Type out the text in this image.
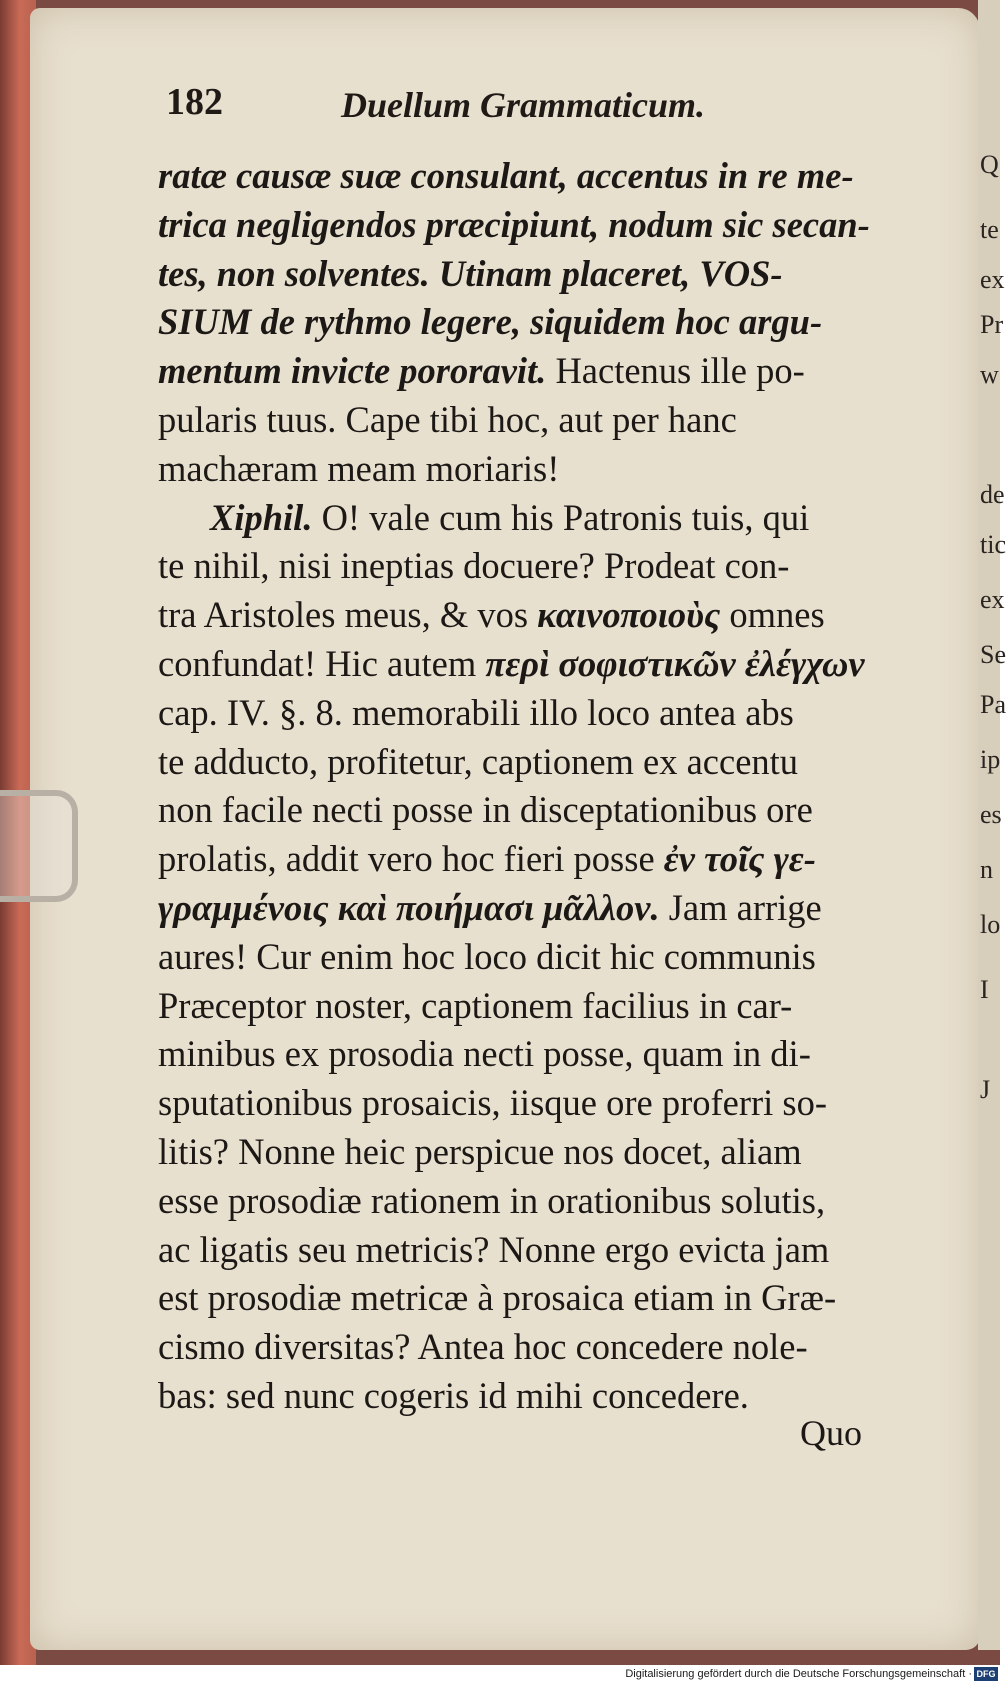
Q
te
ex
Pr
w
de
tic
ex
Se
Pa
ip
es
n
lo
I
J
182	Duellum Grammaticum.
ratæ causæ suæ consulant, accentus in re me-
trica negligendos præcipiunt, nodum sic secan-
tes, non solventes. Utinam placeret, VOS-
SIUM de rythmo legere, siquidem hoc argu-
mentum invicte pororavit. Hactenus ille po-
pularis tuus. Cape tibi hoc, aut per hanc
machæram meam moriaris!
Xiphil. O! vale cum his Patronis tuis, qui
te nihil, nisi ineptias docuere? Prodeat con-
tra Aristoles meus, & vos καινοποιοὺς omnes
confundat! Hic autem περὶ σοφιστικῶν ἐλέγχων
cap. IV. §. 8. memorabili illo loco antea abs
te adducto, profitetur, captionem ex accentu
non facile necti posse in disceptationibus ore
prolatis, addit vero hoc fieri posse ἐν τοῖς γε-
γραμμένοις καὶ ποιήμασι μᾶλλον. Jam arrige
aures! Cur enim hoc loco dicit hic communis
Præceptor noster, captionem facilius in car-
minibus ex prosodia necti posse, quam in di-
sputationibus prosaicis, iisque ore proferri so-
litis? Nonne heic perspicue nos docet, aliam
esse prosodiæ rationem in orationibus solutis,
ac ligatis seu metricis? Nonne ergo evicta jam
est prosodiæ metricæ à prosaica etiam in Græ-
cismo diversitas? Antea hoc concedere nole-
bas: sed nunc cogeris id mihi concedere.
Quo
Digitalisierung gefördert durch die Deutsche Forschungsgemeinschaft · DFG
